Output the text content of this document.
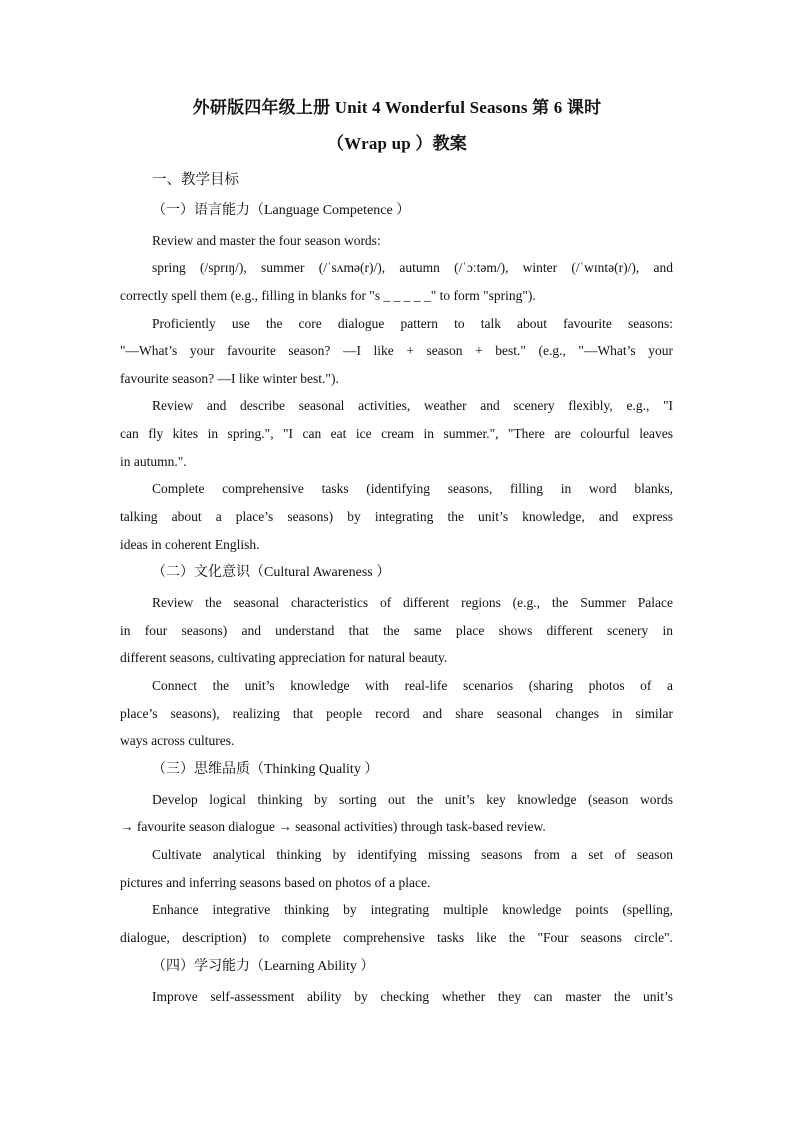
外研版四年级上册 Unit 4 Wonderful Seasons 第 6 课时
（Wrap up ）教案
一、教学目标
（一）语言能力（Language Competence ）
Review and master the four season words:
spring (/sprɪŋ/), summer (/ˈsʌmə(r)/), autumn (/ˈɔːtəm/), winter (/ˈwɪntə(r)/), and
correctly spell them (e.g., filling in blanks for "s _ _ _ _ _" to form "spring").
Proficiently use the core dialogue pattern to talk about favourite seasons:
"—What’s your favourite season? —I like + season + best." (e.g., "—What’s your
favourite season? —I like winter best.").
Review and describe seasonal activities, weather and scenery flexibly, e.g., "I
can fly kites in spring.", "I can eat ice cream in summer.", "There are colourful leaves
in autumn.".
Complete comprehensive tasks (identifying seasons, filling in word blanks,
talking about a place’s seasons) by integrating the unit’s knowledge, and express
ideas in coherent English.
（二）文化意识（Cultural Awareness ）
Review the seasonal characteristics of different regions (e.g., the Summer Palace
in four seasons) and understand that the same place shows different scenery in
different seasons, cultivating appreciation for natural beauty.
Connect the unit’s knowledge with real-life scenarios (sharing photos of a
place’s seasons), realizing that people record and share seasonal changes in similar
ways across cultures.
（三）思维品质（Thinking Quality ）
Develop logical thinking by sorting out the unit’s key knowledge (season words
→ favourite season dialogue → seasonal activities) through task-based review.
Cultivate analytical thinking by identifying missing seasons from a set of season
pictures and inferring seasons based on photos of a place.
Enhance integrative thinking by integrating multiple knowledge points (spelling,
dialogue, description) to complete comprehensive tasks like the "Four seasons circle".
（四）学习能力（Learning Ability ）
Improve self-assessment ability by checking whether they can master the unit’s
